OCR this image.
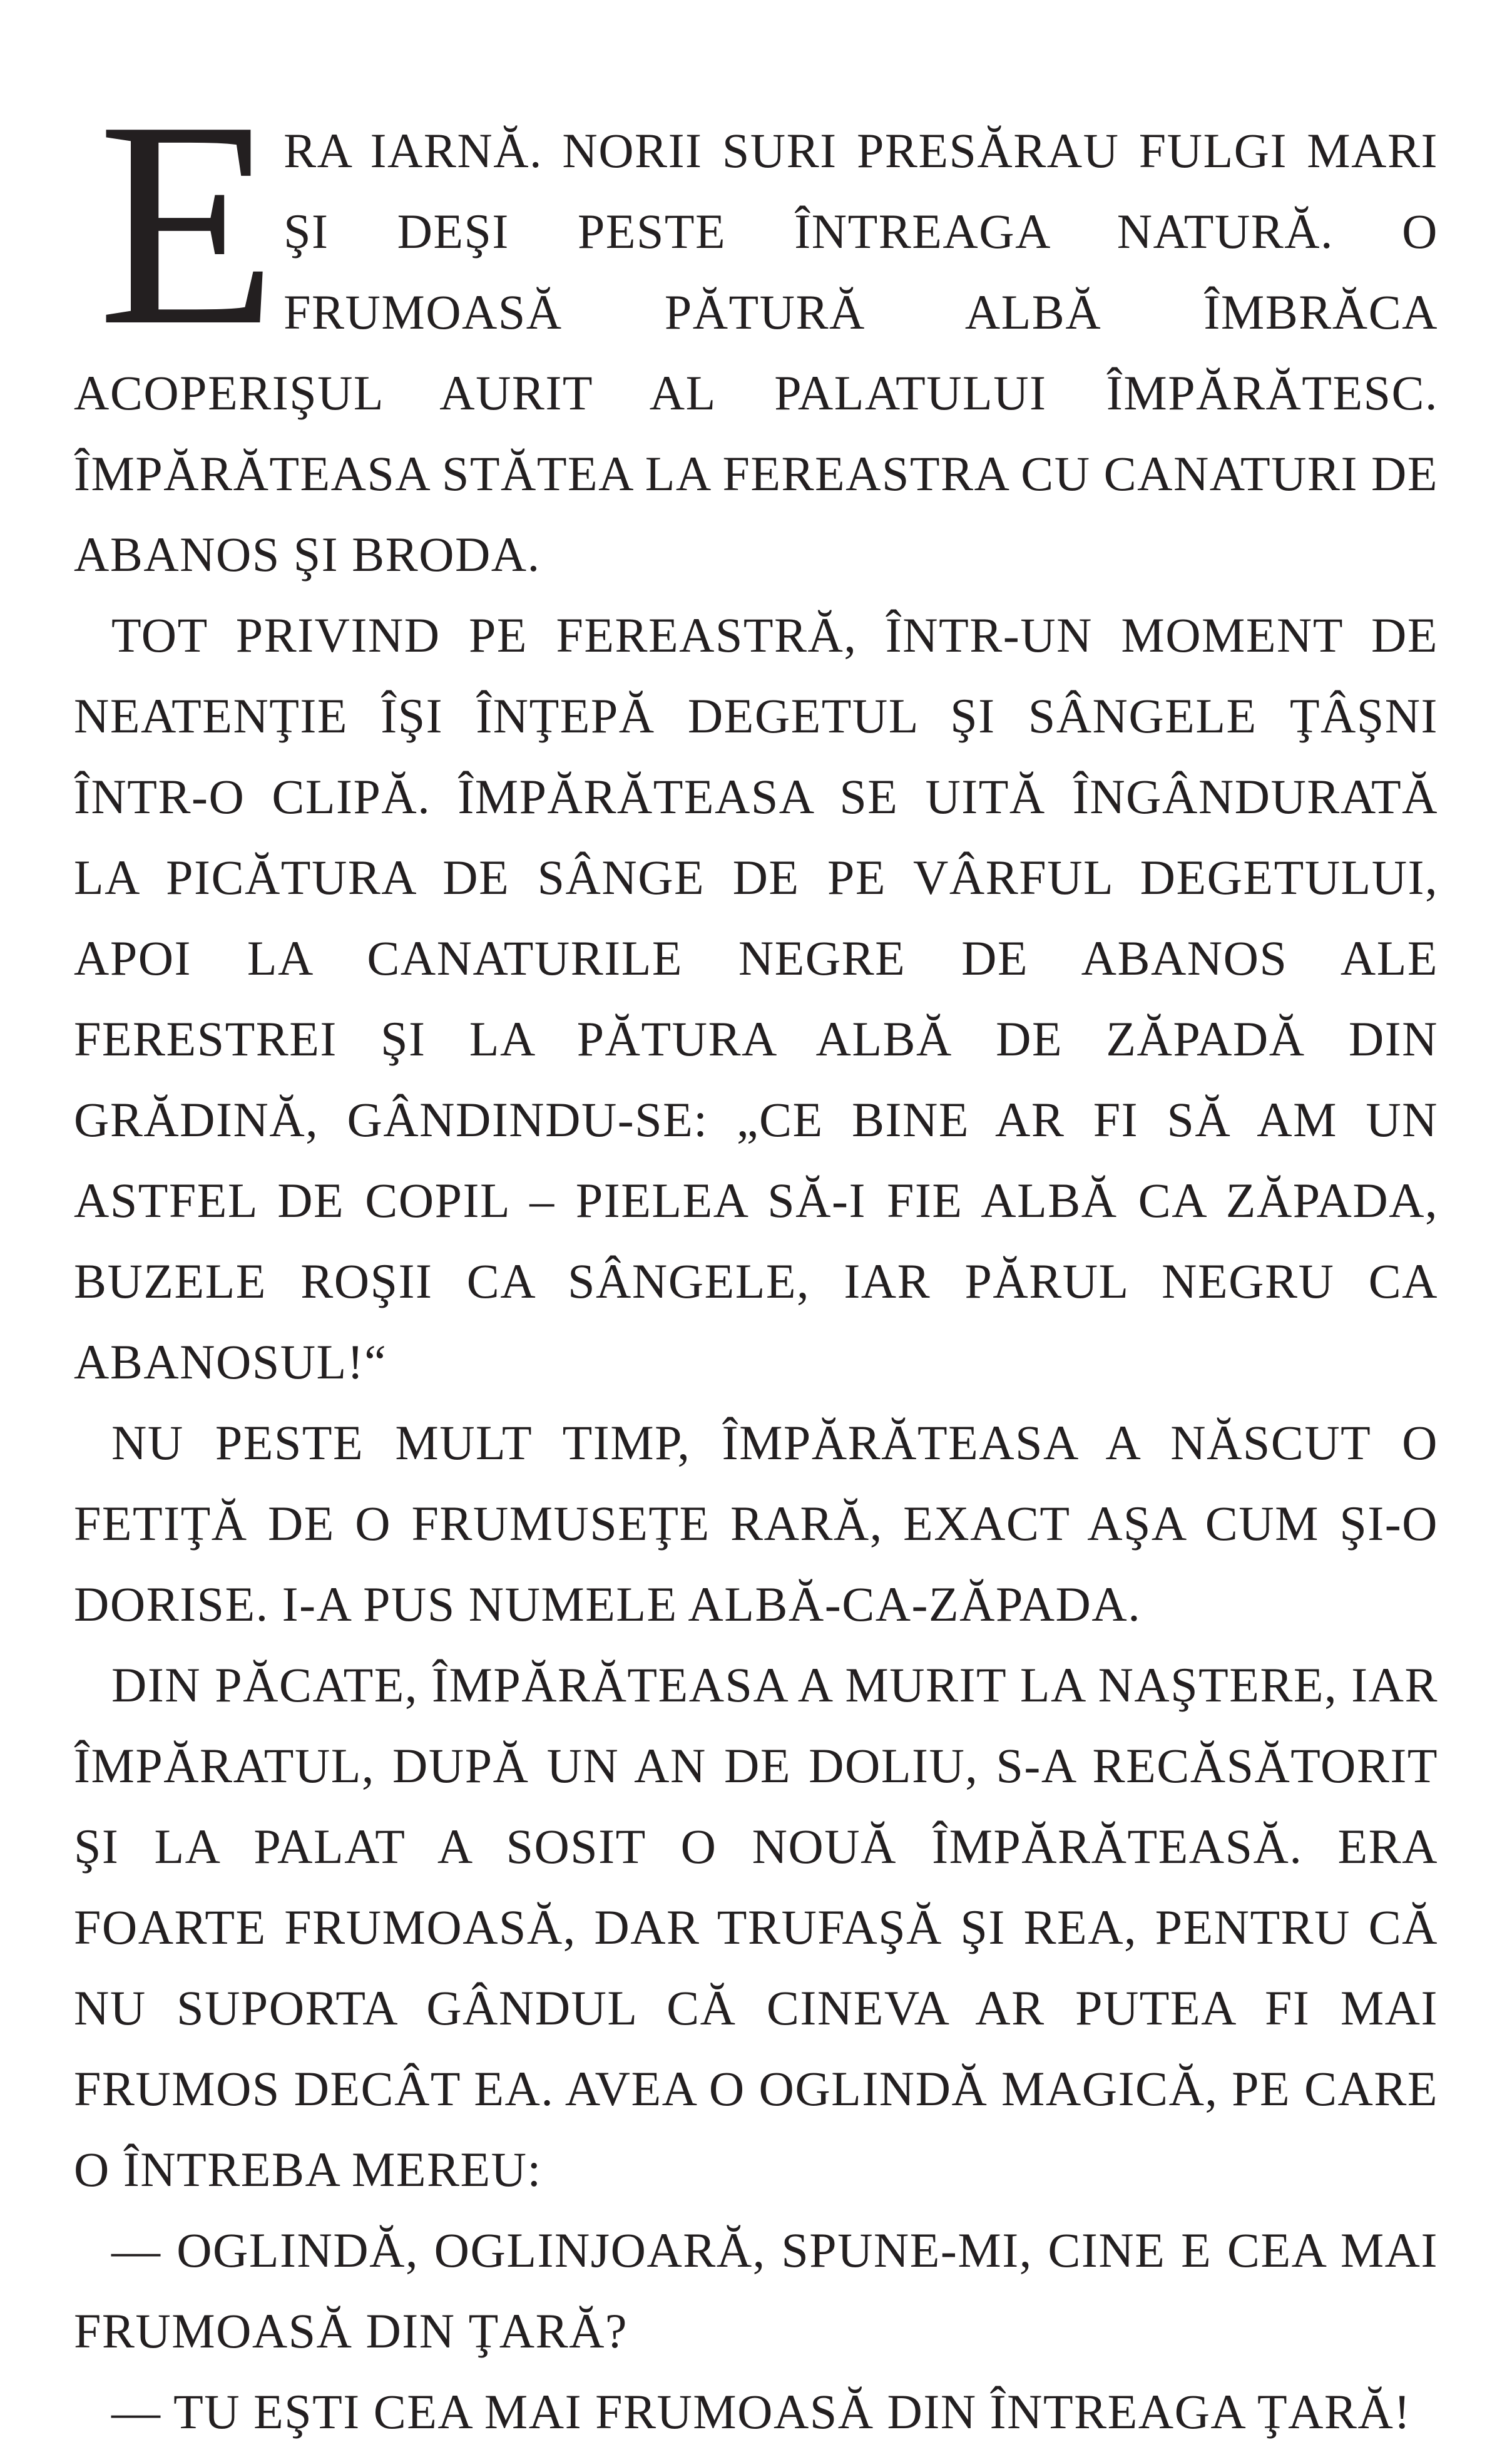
ERA IARNĂ. NORII SURI PRESĂRAU FULGI MARI ŞI DEŞI PESTE ÎNTREAGA NATURĂ. O FRUMOASĂ PĂTURĂ ALBĂ ÎMBRĂCA ACOPERIŞUL AURIT AL PALATULUI ÎMPĂRĂTESC. ÎMPĂRĂTEASA STĂTEA LA FEREASTRA CU CANATURI DE ABANOS ŞI BRODA.

TOT PRIVIND PE FEREASTRĂ, ÎNTR-UN MOMENT DE NEATENŢIE ÎŞI ÎNŢEPĂ DEGETUL ŞI SÂNGELE ŢÂŞNI ÎNTR-O CLIPĂ. ÎMPĂRĂTEASA SE UITĂ ÎNGÂNDURATĂ LA PICĂTURA DE SÂNGE DE PE VÂRFUL DEGETULUI, APOI LA CANATURILE NEGRE DE ABANOS ALE FERESTREI ŞI LA PĂTURA ALBĂ DE ZĂPADĂ DIN GRĂDINĂ, GÂNDINDU-SE: „CE BINE AR FI SĂ AM UN ASTFEL DE COPIL – PIELEA SĂ-I FIE ALBĂ CA ZĂPADA, BUZELE ROŞII CA SÂNGELE, IAR PĂRUL NEGRU CA ABANOSUL!“

NU PESTE MULT TIMP, ÎMPĂRĂTEASA A NĂSCUT O FETIŢĂ DE O FRUMUSEŢE RARĂ, EXACT AŞA CUM ŞI-O DORISE. I-A PUS NUMELE ALBĂ-CA-ZĂPADA.

DIN PĂCATE, ÎMPĂRĂTEASA A MURIT LA NAŞTERE, IAR ÎMPĂRATUL, DUPĂ UN AN DE DOLIU, S-A RECĂSĂTORIT ŞI LA PALAT A SOSIT O NOUĂ ÎMPĂRĂTEASĂ. ERA FOARTE FRUMOASĂ, DAR TRUFAŞĂ ŞI REA, PENTRU CĂ NU SUPORTA GÂNDUL CĂ CINEVA AR PUTEA FI MAI FRUMOS DECÂT EA. AVEA O OGLINDĂ MAGICĂ, PE CARE O ÎNTREBA MEREU:

— OGLINDĂ, OGLINJOARĂ, SPUNE-MI, CINE E CEA MAI FRUMOASĂ DIN ŢARĂ?

— TU EŞTI CEA MAI FRUMOASĂ DIN ÎNTREAGA ŢARĂ!
